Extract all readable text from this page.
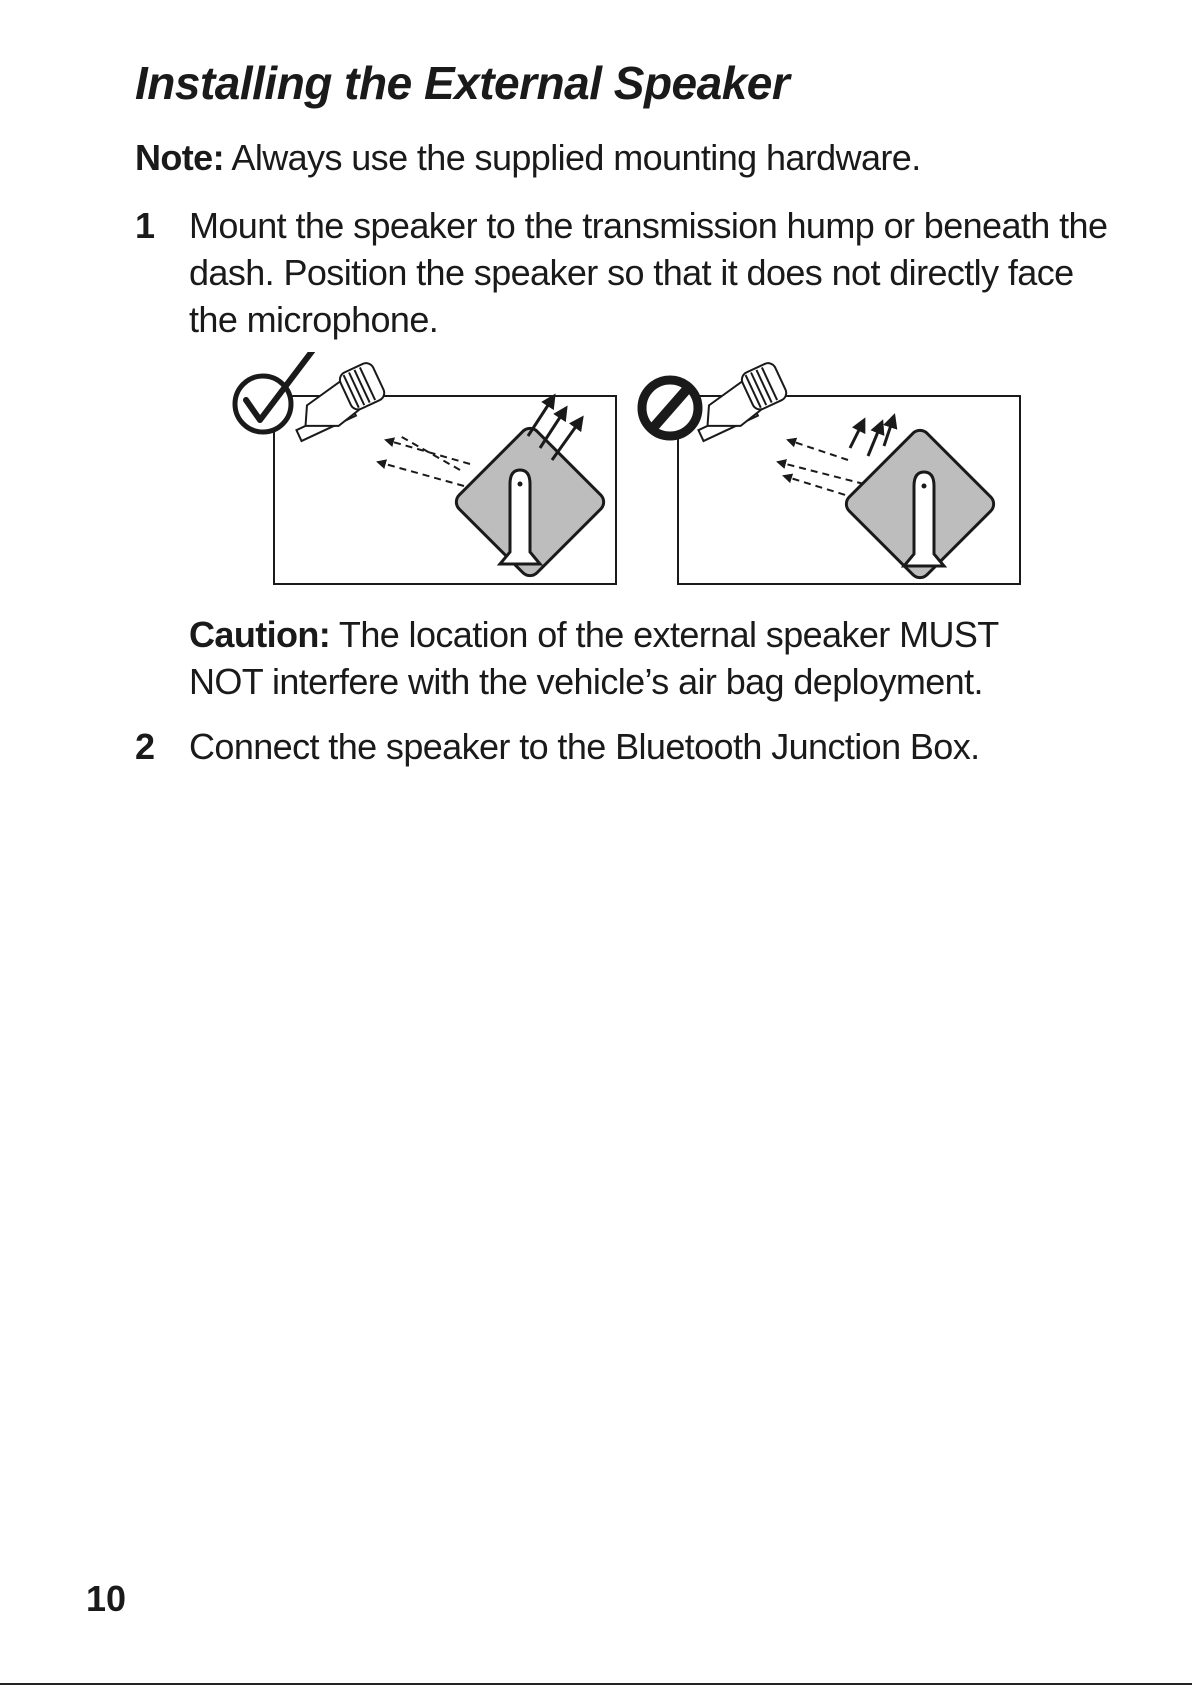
Installing the External Speaker
Note: Always use the supplied mounting hardware.
1 Mount the speaker to the transmission hump or beneath the dash. Position the speaker so that it does not directly face the microphone.
Caution: The location of the external speaker MUST NOT interfere with the vehicle’s air bag deployment.
2 Connect the speaker to the Bluetooth Junction Box.
10
